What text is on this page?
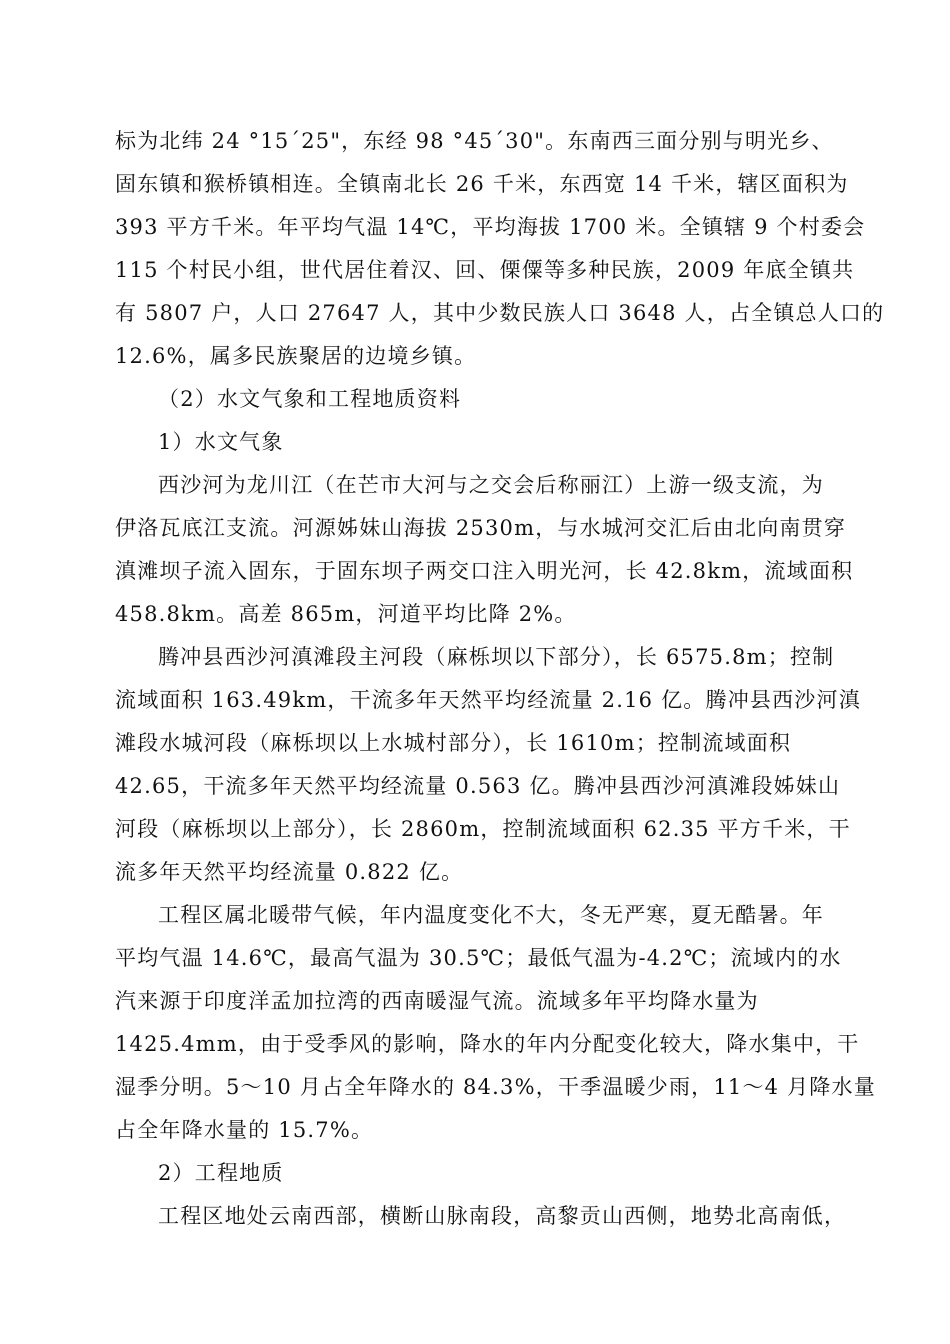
标为北纬 24 °15´25"，东经 98 °45´30"。东南西三面分别与明光乡、
固东镇和猴桥镇相连。全镇南北长 26 千米，东西宽 14 千米，辖区面积为
393 平方千米。年平均气温 14℃，平均海拔 1700 米。全镇辖 9 个村委会
115 个村民小组，世代居住着汉、回、傈僳等多种民族，2009 年底全镇共
有 5807 户，人口 27647 人，其中少数民族人口 3648 人，占全镇总人口的
12.6%，属多民族聚居的边境乡镇。
（2）水文气象和工程地质资料
1）水文气象
西沙河为龙川江（在芒市大河与之交会后称丽江）上游一级支流，为
伊洛瓦底江支流。河源姊妹山海拔 2530m，与水城河交汇后由北向南贯穿
滇滩坝子流入固东，于固东坝子两交口注入明光河，长 42.8km，流域面积
458.8km。高差 865m，河道平均比降 2%。
腾冲县西沙河滇滩段主河段（麻栎坝以下部分），长 6575.8m；控制
流域面积 163.49km，干流多年天然平均经流量 2.16 亿。腾冲县西沙河滇
滩段水城河段（麻栎坝以上水城村部分），长 1610m；控制流域面积
42.65，干流多年天然平均经流量 0.563 亿。腾冲县西沙河滇滩段姊妹山
河段（麻栎坝以上部分），长 2860m，控制流域面积 62.35 平方千米，干
流多年天然平均经流量 0.822 亿。
工程区属北暖带气候，年内温度变化不大，冬无严寒，夏无酷暑。年
平均气温 14.6℃，最高气温为 30.5℃；最低气温为-4.2℃；流域内的水
汽来源于印度洋孟加拉湾的西南暖湿气流。流域多年平均降水量为
1425.4mm，由于受季风的影响，降水的年内分配变化较大，降水集中，干
湿季分明。5～10 月占全年降水的 84.3%，干季温暖少雨，11～4 月降水量
占全年降水量的 15.7%。
2）工程地质
工程区地处云南西部，横断山脉南段，高黎贡山西侧，地势北高南低，
